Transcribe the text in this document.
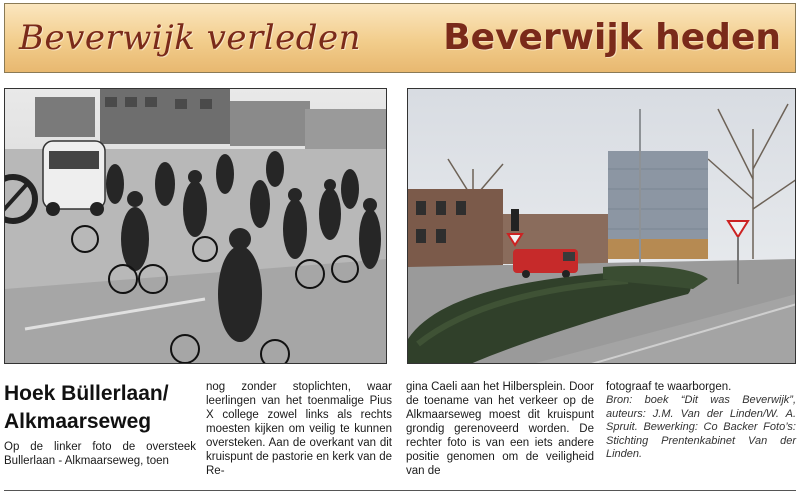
Beverwijk verleden Beverwijk heden
Hoek Büllerlaan/
Alkmaarseweg

Op de linker foto de oversteek Bullerlaan - Alkmaarseweg, toen

nog zonder stoplichten, waar leerlingen van het toenmalige Pius X college zowel links als rechts moesten kijken om veilig te kunnen oversteken. Aan de overkant van dit kruispunt de pastorie en kerk van de Re-

gina Caeli aan het Hilbersplein. Door de toename van het verkeer op de Alkmaarseweg moest dit kruispunt grondig gerenoveerd worden. De rechter foto is van een iets andere positie genomen om de veiligheid van de

fotograaf te waarborgen.

Bron: boek “Dit was Beverwijk”, auteurs: J.M. Van der Linden/W. A. Spruit. Bewerking: Co Backer Foto’s: Stichting Prentenkabinet Van der Linden.
